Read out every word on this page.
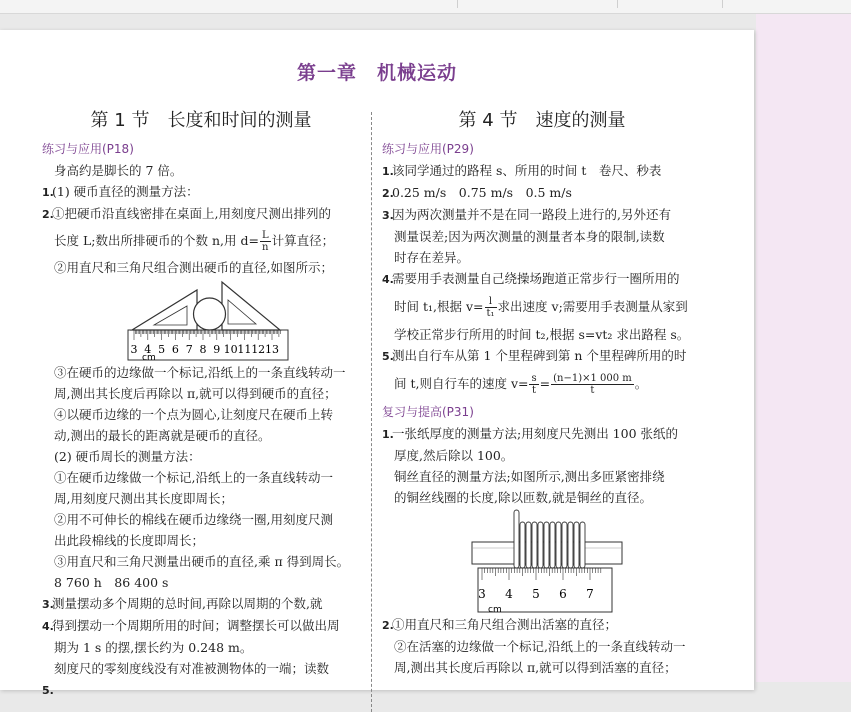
第一章　机械运动
第 1 节　长度和时间的测量
练习与应用(P18)
身高约是脚长的 7 倍。
1.(1) 硬币直径的测量方法：
2.①把硬币沿直线密排在桌面上,用刻度尺测出排列的
长度 L;数出所排硬币的个数 n,用 $d= \frac{L}{n}$ 计算直径；
②用直尺和三角尺组合测出硬币的直径,如图所示；
3 4 5 6 7 8 9 10 11 12 13
cm
③在硬币的边缘做一个标记,沿纸上的一条直线转动一
周,测出其长度后再除以 π,就可以得到硬币的直径；
④以硬币边缘的一个点为圆心,让刻度尺在硬币上转
动,测出的最长的距离就是硬币的直径。
(2) 硬币周长的测量方法：
①在硬币边缘做一个标记,沿纸上的一条直线转动一
周,用刻度尺测出其长度即周长；
②用不可伸长的棉线在硬币边缘绕一圈,用刻度尺测
出此段棉线的长度即周长；
③用直尺和三角尺测量出硬币的直径,乘 π 得到周长。
8 760 h　86 400 s
3.测量摆动多个周期的总时间,再除以周期的个数,就
4.得到摆动一个周期所用的时间；调整摆长可以做出周
期为 1 s 的摆,摆长约为 0.248 m。
刻度尺的零刻度线没有对准被测物体的一端；读数
5.
第 4 节　速度的测量
练习与应用(P29)
1.该同学通过的路程 s、所用的时间 t　卷尺、秒表
2.0.25 m/s　0.75 m/s　0.5 m/s
3.因为两次测量并不是在同一路段上进行的,另外还有
测量误差;因为两次测量的测量者本身的限制,读数
时存在差异。
4.需要用手表测量自己绕操场跑道正常步行一圈所用的
时间 t₁,根据 $v= \frac{l}{\text{t₁}}$ 求出速度 v;需要用手表测量从家到
学校正常步行所用的时间 t₂,根据 s=vt₂ 求出路程 s。
5.测出自行车从第 1 个里程碑到第 n 个里程碑所用的时
间 t,则自行车的速度 $v= \frac{s}{t} = \frac{(n-1)\times 1 000 m}{t}$ 。
复习与提高(P31)
1.一张纸厚度的测量方法;用刻度尺先测出 100 张纸的
厚度,然后除以 100。
铜丝直径的测量方法;如图所示,测出多匝紧密排绕
的铜丝线圈的长度,除以匝数,就是铜丝的直径。
3 4 5 6 7
cm
2.①用直尺和三角尺组合测出活塞的直径；
②在活塞的边缘做一个标记,沿纸上的一条直线转动一
周,测出其长度后再除以 π,就可以得到活塞的直径；
